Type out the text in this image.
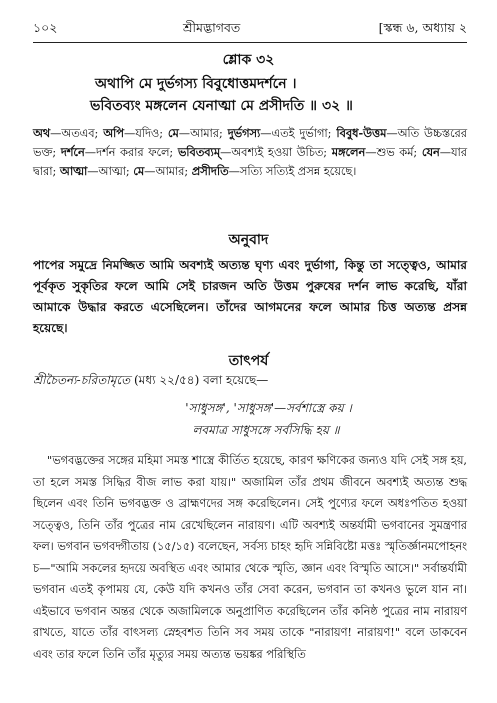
১০২	শ্রীমদ্ভাগবত	[স্কন্ধ ৬, অধ্যায় ২
শ্লোক ৩২
অথাপি মে দুর্ভগস্য বিবুধোত্তমদর্শনে ।
ভবিতব্যং মঙ্গলেন যেনাত্মা মে প্রসীদতি ॥ ৩২ ॥
অথ—অতএব; অপি—যদিও; মে—আমার; দুর্ভগস্য—এতই দুর্ভাগা; বিবুধ-উত্তম—অতি উচ্চস্তরের ভক্ত; দর্শনে—দর্শন করার ফলে; ভবিতব্যম্—অবশ্যই হওয়া উচিত; মঙ্গলেন—শুভ কর্ম; যেন—যার দ্বারা; আত্মা—আত্মা; মে—আমার; প্রসীদতি—সত্যি সত্যিই প্রসন্ন হয়েছে।
অনুবাদ
পাপের সমুদ্রে নিমজ্জিত আমি অবশ্যই অত্যন্ত ঘৃণ্য এবং দুর্ভাগা, কিন্তু তা সত্ত্বেও, আমার পূর্বকৃত সুকৃতির ফলে আমি সেই চারজন অতি উত্তম পুরুষের দর্শন লাভ করেছি, যাঁরা আমাকে উদ্ধার করতে এসেছিলেন। তাঁদের আগমনের ফলে আমার চিত্ত অত্যন্ত প্রসন্ন হয়েছে।
তাৎপর্য
শ্রীচৈতন্য-চরিতামৃতে (মধ্য ২২/৫৪) বলা হয়েছে—
'সাধুসঙ্গ', 'সাধুসঙ্গ'—সর্বশাস্ত্রে কয় ।
লবমাত্র সাধুসঙ্গে সর্বসিদ্ধি হয় ॥
"ভগবদ্ভক্তের সঙ্গের মহিমা সমস্ত শাস্ত্রে কীর্তিত হয়েছে, কারণ ক্ষণিকের জন্যও যদি সেই সঙ্গ হয়, তা হলে সমস্ত সিদ্ধির বীজ লাভ করা যায়।" অজামিল তাঁর প্রথম জীবনে অবশ্যই অত্যন্ত শুদ্ধ ছিলেন এবং তিনি ভগবদ্ভক্ত ও ব্রাহ্মণদের সঙ্গ করেছিলেন। সেই পুণ্যের ফলে অধঃপতিত হওয়া সত্ত্বেও, তিনি তাঁর পুত্রের নাম রেখেছিলেন নারায়ণ। এটি অবশ্যই অন্তর্যামী ভগবানের সুমন্ত্রণার ফল। ভগবান ভগবদ্গীতায় (১৫/১৫) বলেছেন, সর্বস্য চাহং হৃদি সন্নিবিষ্টো মত্তঃ স্মৃতির্জ্ঞানমপোহনং চ—"আমি সকলের হৃদয়ে অবস্থিত এবং আমার থেকে স্মৃতি, জ্ঞান এবং বিস্মৃতি আসে।" সর্বান্তর্যামী ভগবান এতই কৃপাময় যে, কেউ যদি কখনও তাঁর সেবা করেন, ভগবান তা কখনও ভুলে যান না। এইভাবে ভগবান অন্তর থেকে অজামিলকে অনুপ্রাণিত করেছিলেন তাঁর কনিষ্ঠ পুত্রের নাম নারায়ণ রাখতে, যাতে তাঁর বাৎসল্য স্নেহবশত তিনি সব সময় তাকে "নারায়ণ! নারায়ণ!" বলে ডাকবেন এবং তার ফলে তিনি তাঁর মৃত্যুর সময় অত্যন্ত ভয়ঙ্কর পরিস্থিতি
